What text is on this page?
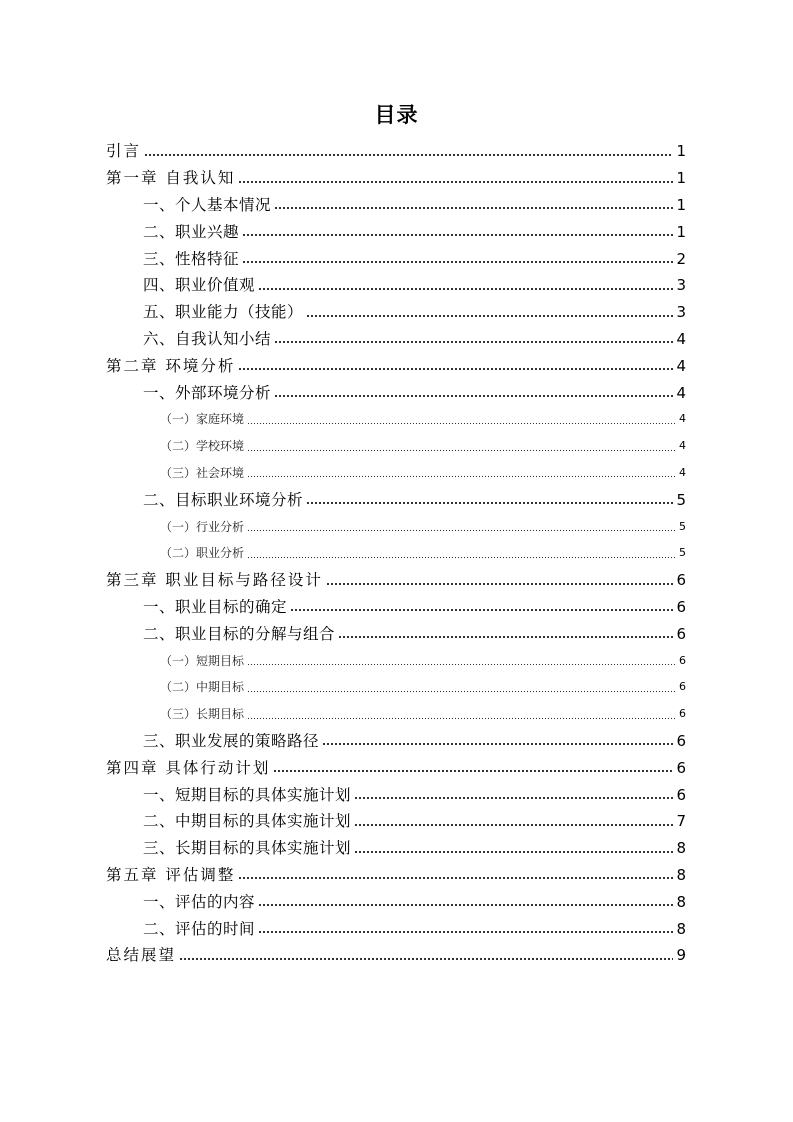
目录
引言	1
第一章 自我认知	1
一、个人基本情况	1
二、职业兴趣	1
三、性格特征	2
四、职业价值观	3
五、职业能力（技能）	3
六、自我认知小结	4
第二章 环境分析	4
一、外部环境分析	4
（一）家庭环境	4
（二）学校环境	4
（三）社会环境	4
二、目标职业环境分析	5
（一）行业分析	5
（二）职业分析	5
第三章 职业目标与路径设计	6
一、职业目标的确定	6
二、职业目标的分解与组合	6
（一）短期目标	6
（二）中期目标	6
（三）长期目标	6
三、职业发展的策略路径	6
第四章 具体行动计划	6
一、短期目标的具体实施计划	6
二、中期目标的具体实施计划	7
三、长期目标的具体实施计划	8
第五章 评估调整	8
一、评估的内容	8
二、评估的时间	8
总结展望	9
